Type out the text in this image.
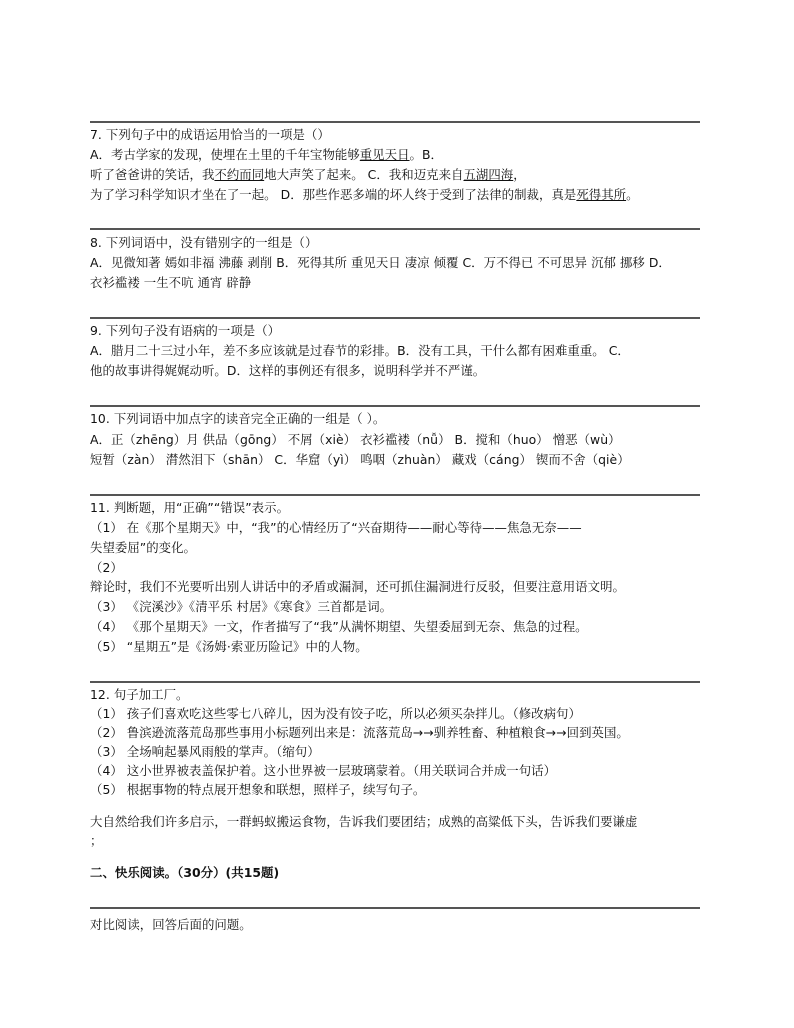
7. 下列句子中的成语运用恰当的一项是（）
A．考古学家的发现，使埋在土里的千年宝物能够重见天日。B．
听了爸爸讲的笑话，我不约而同地大声笑了起来。 C．我和迈克来自五湖四海，
为了学习科学知识才坐在了一起。 D．那些作恶多端的坏人终于受到了法律的制裁，真是死得其所。
8. 下列词语中，没有错别字的一组是（）
A．见微知著 嫣如非福 沸藤 剥削 B．死得其所 重见天日 凄凉 倾覆 C．万不得已 不可思异 沉郁 挪移 D．
衣衫褴褛 一生不吭 通宵 辟静
9. 下列句子没有语病的一项是（）
A．腊月二十三过小年，差不多应该就是过春节的彩排。B．没有工具，干什么都有困难重重。 C．
他的故事讲得娓娓动听。D．这样的事例还有很多，说明科学并不严谨。
10. 下列词语中加点字的读音完全正确的一组是（ ）。
A．正（zhēng）月 供品（gōng） 不屑（xiè） 衣衫褴褛（nǚ） B．搅和（huo） 憎恶（wù）
短暂（zàn） 潸然泪下（shān） C．华窟（yì） 鸣咽（zhuàn） 藏戏（cáng） 锲而不舍（qiè）
11. 判断题，用“正确”“错误”表示。
（1） 在《那个星期天》中，“我”的心情经历了“兴奋期待——耐心等待——焦急无奈——
失望委屈”的变化。
（2）
辩论时，我们不光要听出别人讲话中的矛盾或漏洞，还可抓住漏洞进行反驳，但要注意用语文明。
（3） 《浣溪沙》《清平乐 村居》《寒食》三首都是词。
（4） 《那个星期天》一文，作者描写了“我”从满怀期望、失望委屈到无奈、焦急的过程。
（5） “星期五”是《汤姆·索亚历险记》中的人物。
12. 句子加工厂。
（1） 孩子们喜欢吃这些零七八碎儿，因为没有饺子吃，所以必须买杂拌儿。（修改病句）
（2） 鲁滨逊流落荒岛那些事用小标题列出来是：流落荒岛→→驯养牲畜、种植粮食→→回到英国。
（3） 全场响起暴风雨般的掌声。（缩句）
（4） 这小世界被表盖保护着。这小世界被一层玻璃蒙着。（用关联词合并成一句话）
（5） 根据事物的特点展开想象和联想，照样子，续写句子。
大自然给我们许多启示，一群蚂蚁搬运食物，告诉我们要团结；成熟的高粱低下头，告诉我们要谦虚
；
二、快乐阅读。（30分）(共15题)
对比阅读，回答后面的问题。
